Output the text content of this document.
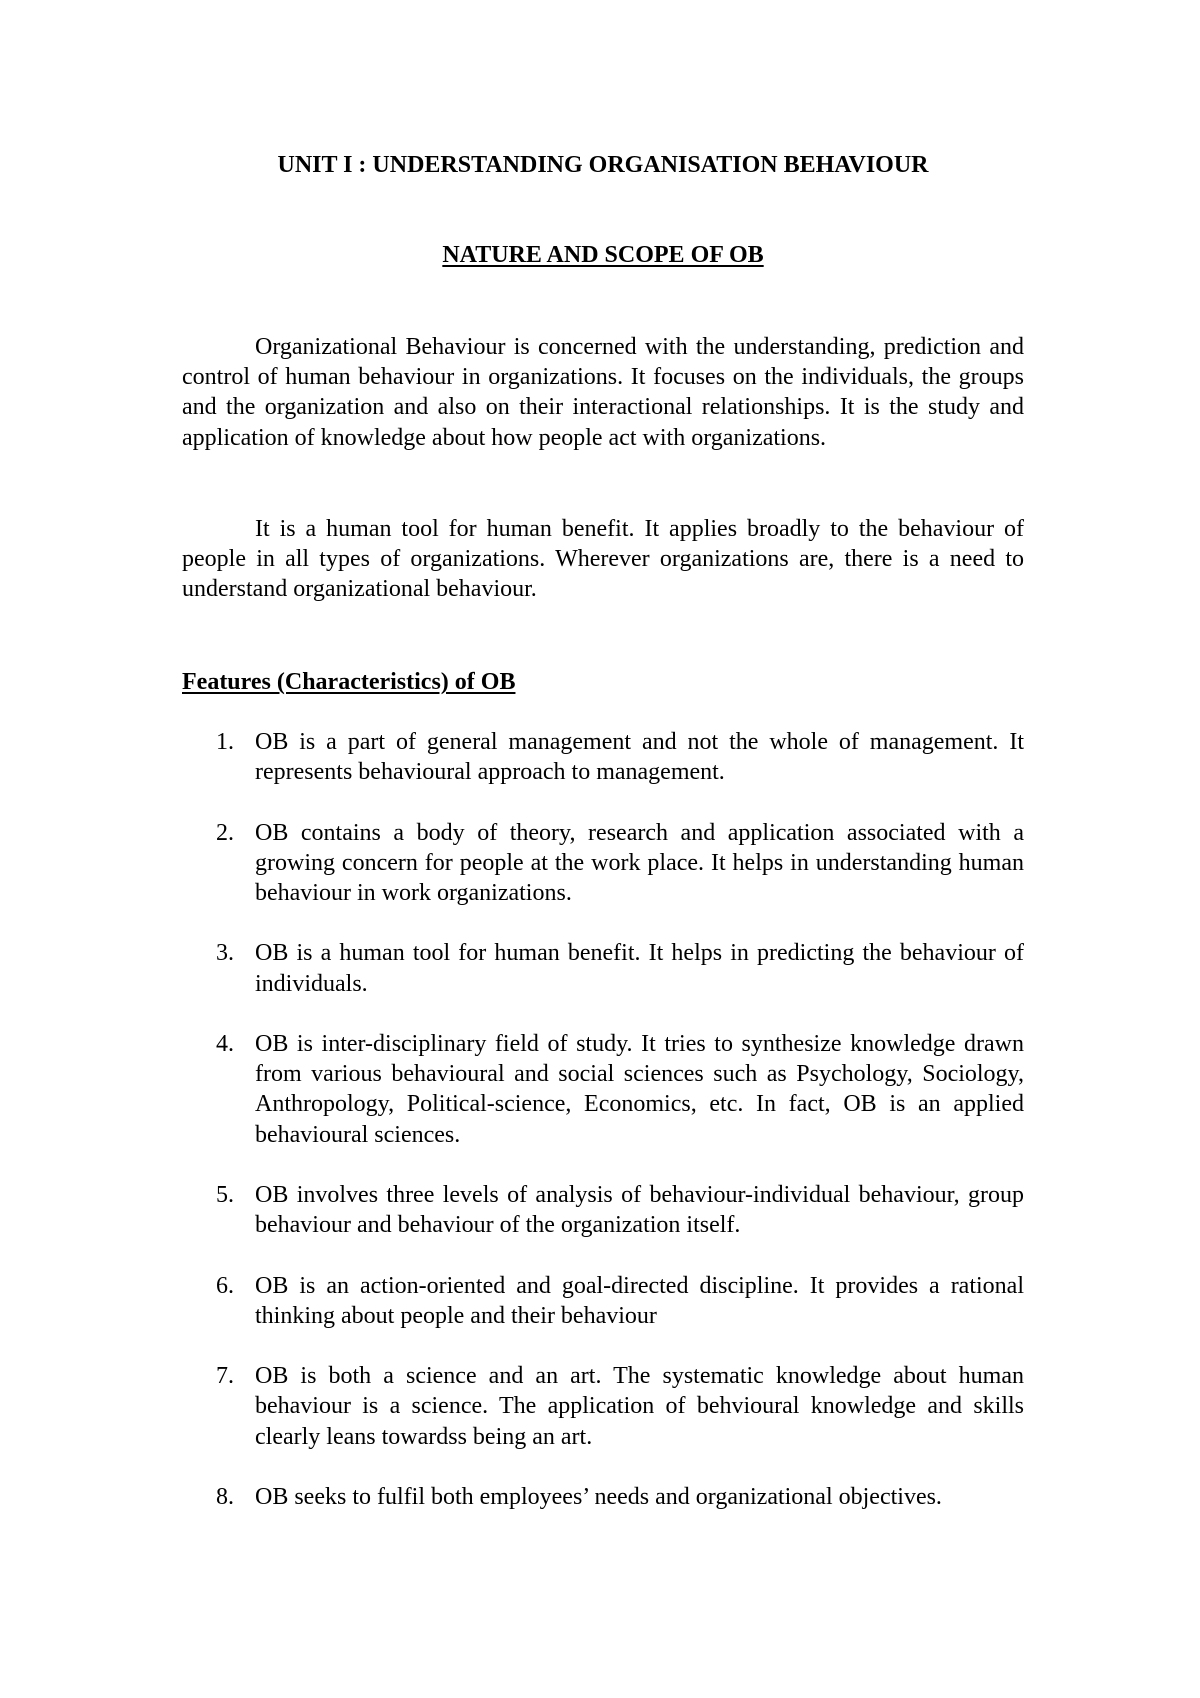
UNIT I : UNDERSTANDING ORGANISATION BEHAVIOUR
NATURE AND SCOPE OF OB

Organizational Behaviour is concerned with the understanding, prediction and control of human behaviour in organizations. It focuses on the individuals, the groups and the organization and also on their interactional relationships. It is the study and application of knowledge about how people act with organizations.

It is a human tool for human benefit. It applies broadly to the behaviour of people in all types of organizations. Wherever organizations are, there is a need to understand organizational behaviour.

Features (Characteristics) of OB
1. OB is a part of general management and not the whole of management. It represents behavioural approach to management.
2. OB contains a body of theory, research and application associated with a growing concern for people at the work place. It helps in understanding human behaviour in work organizations.
3. OB is a human tool for human benefit. It helps in predicting the behaviour of individuals.
4. OB is inter-disciplinary field of study. It tries to synthesize knowledge drawn from various behavioural and social sciences such as Psychology, Sociology, Anthropology, Political-science, Economics, etc. In fact, OB is an applied behavioural sciences.
5. OB involves three levels of analysis of behaviour-individual behaviour, group behaviour and behaviour of the organization itself.
6. OB is an action-oriented and goal-directed discipline. It provides a rational thinking about people and their behaviour
7. OB is both a science and an art. The systematic knowledge about human behaviour is a science. The application of behvioural knowledge and skills clearly leans towardss being an art.
8. OB seeks to fulfil both employees’ needs and organizational objectives.
